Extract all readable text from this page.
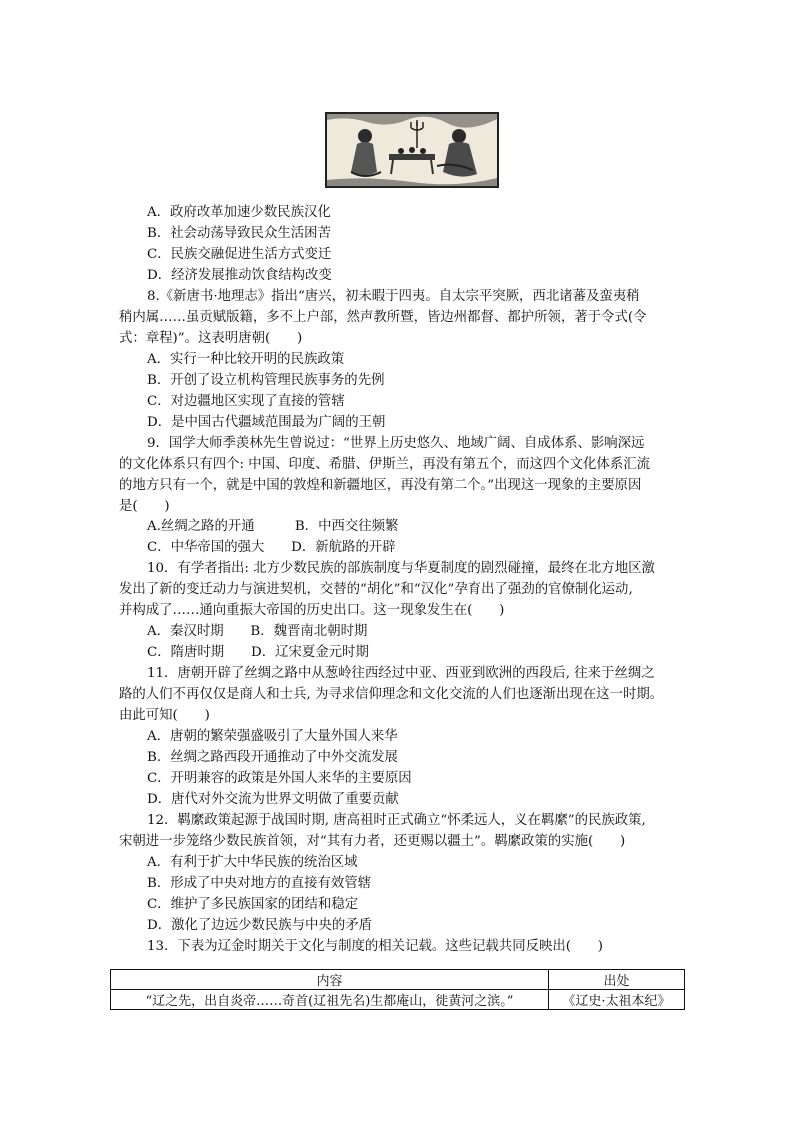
A．政府改革加速少数民族汉化
B．社会动荡导致民众生活困苦
C．民族交融促进生活方式变迁
D．经济发展推动饮食结构改变
8.《新唐书·地理志》指出“唐兴，初未暇于四夷。自太宗平突厥，西北诸蕃及蛮夷稍
稍内属……虽贡赋版籍，多不上户部，然声教所暨，皆边州都督、都护所领，著于令式(令
式：章程)”。这表明唐朝(　　)
A．实行一种比较开明的民族政策
B．开创了设立机构管理民族事务的先例
C．对边疆地区实现了直接的管辖
D．是中国古代疆域范围最为广阔的王朝
9．国学大师季羡林先生曾说过：“世界上历史悠久、地域广阔、自成体系、影响深远
的文化体系只有四个: 中国、印度、希腊、伊斯兰，再没有第五个，而这四个文化体系汇流
的地方只有一个，就是中国的敦煌和新疆地区，再没有第二个。”出现这一现象的主要原因
是(　　)
A.丝绸之路的开通　　　B．中西交往频繁
C．中华帝国的强大　　D．新航路的开辟
10．有学者指出: 北方少数民族的部族制度与华夏制度的剧烈碰撞，最终在北方地区激
发出了新的变迁动力与演进契机，交替的“胡化”和“汉化”孕育出了强劲的官僚制化运动,
并构成了……通向重振大帝国的历史出口。这一现象发生在(　　)
A．秦汉时期　　B．魏晋南北朝时期
C．隋唐时期　　D．辽宋夏金元时期
11．唐朝开辟了丝绸之路中从葱岭往西经过中亚、西亚到欧洲的西段后, 往来于丝绸之
路的人们不再仅仅是商人和士兵, 为寻求信仰理念和文化交流的人们也逐渐出现在这一时期。
由此可知(　　)
A．唐朝的繁荣强盛吸引了大量外国人来华
B．丝绸之路西段开通推动了中外交流发展
C．开明兼容的政策是外国人来华的主要原因
D．唐代对外交流为世界文明做了重要贡献
12．羁縻政策起源于战国时期, 唐高祖时正式确立“怀柔远人，义在羁縻”的民族政策,
宋朝进一步笼络少数民族首领，对“其有力者，还更赐以疆土”。羁縻政策的实施(　　)
A．有利于扩大中华民族的统治区域
B．形成了中央对地方的直接有效管辖
C．维护了多民族国家的团结和稳定
D．激化了边远少数民族与中央的矛盾
13．下表为辽金时期关于文化与制度的相关记载。这些记载共同反映出(　　)
内容	出处
“辽之先，出自炎帝……奇首(辽祖先名)生都庵山，徙黄河之滨。”	《辽史·太祖本纪》
